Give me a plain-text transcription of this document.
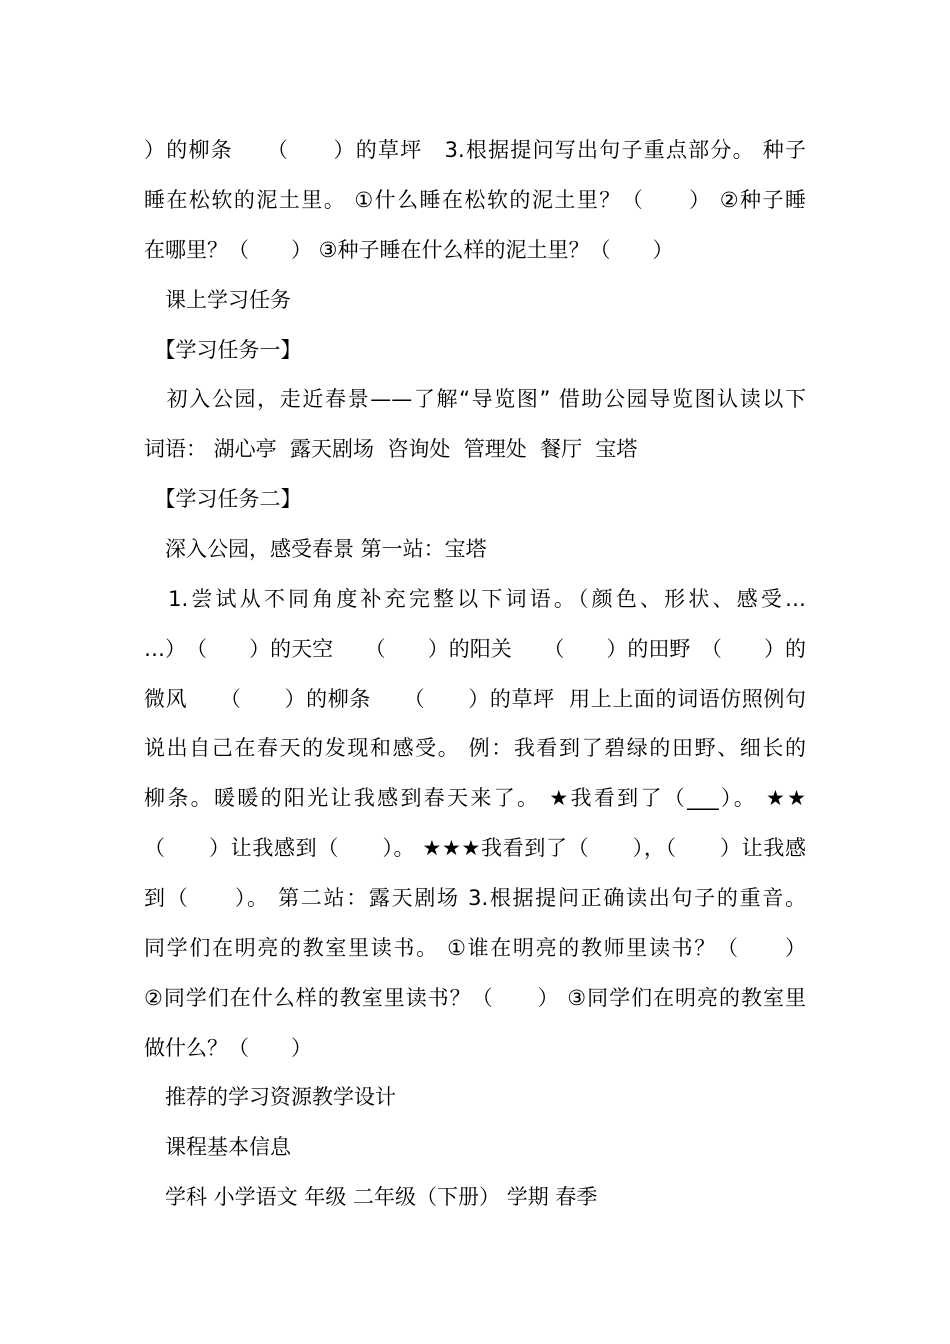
）的柳条　　（　　）的草坪　3.根据提问写出句子重点部分。 种子
睡在松软的泥土里。 ①什么睡在松软的泥土里？（　　） ②种子睡
在哪里？（　　） ③种子睡在什么样的泥土里？（　　）
　课上学习任务
　【学习任务一】
　初入公园，走近春景——了解“导览图” 借助公园导览图认读以下
词语： 湖心亭  露天剧场  咨询处  管理处  餐厅  宝塔
　【学习任务二】
　深入公园，感受春景 第一站：宝塔
　1.尝试从不同角度补充完整以下词语。（颜色、形状、感受…
…）　（　　）的天空　　（　　）的阳关　　（　　）的田野　（　　）的
微风　　（　　）的柳条　　（　　）的草坪  用上上面的词语仿照例句
说出自己在春天的发现和感受。 例：我看到了碧绿的田野、细长的
柳条。暖暖的阳光让我感到春天来了。 ★我看到了（___）。 ★★
（　　）让我感到（　　）。 ★★★我看到了（　　），（　　）让我感
到（　　）。 第二站：露天剧场 3.根据提问正确读出句子的重音。
同学们在明亮的教室里读书。 ①谁在明亮的教师里读书？（　　）
②同学们在什么样的教室里读书？（　　） ③同学们在明亮的教室里
做什么？（　　）
　推荐的学习资源教学设计
　课程基本信息
　学科 小学语文 年级 二年级（下册） 学期 春季
